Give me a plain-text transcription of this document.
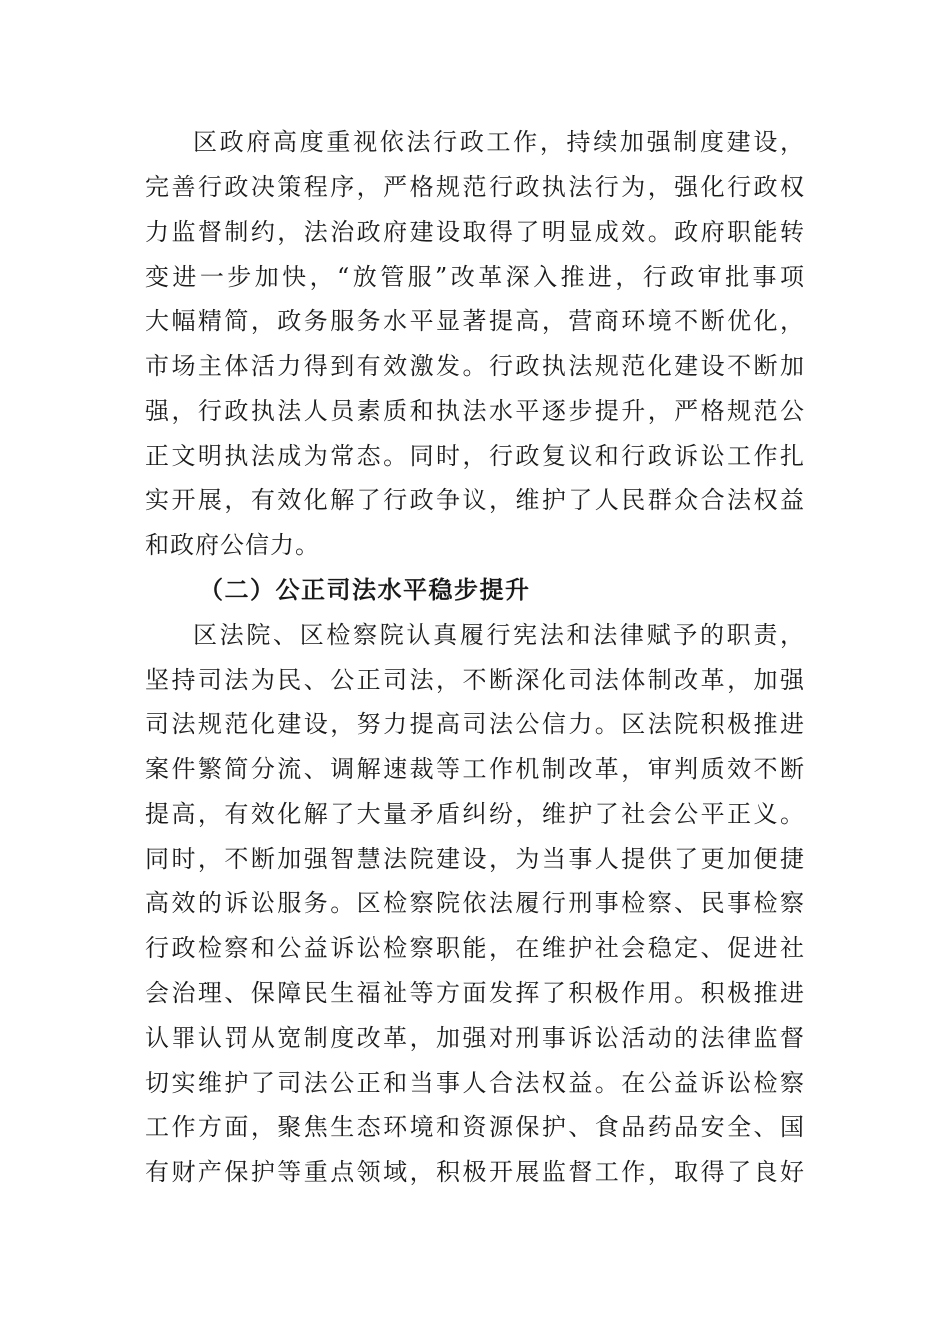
区政府高度重视依法行政工作，持续加强制度建设，
完善行政决策程序，严格规范行政执法行为，强化行政权
力监督制约，法治政府建设取得了明显成效。政府职能转
变进一步加快，“放管服”改革深入推进，行政审批事项
大幅精简，政务服务水平显著提高，营商环境不断优化，
市场主体活力得到有效激发。行政执法规范化建设不断加
强，行政执法人员素质和执法水平逐步提升，严格规范公
正文明执法成为常态。同时，行政复议和行政诉讼工作扎
实开展，有效化解了行政争议，维护了人民群众合法权益
和政府公信力。
（二）公正司法水平稳步提升
区法院、区检察院认真履行宪法和法律赋予的职责，
坚持司法为民、公正司法，不断深化司法体制改革，加强
司法规范化建设，努力提高司法公信力。区法院积极推进
案件繁简分流、调解速裁等工作机制改革，审判质效不断
提高，有效化解了大量矛盾纠纷，维护了社会公平正义。
同时，不断加强智慧法院建设，为当事人提供了更加便捷
高效的诉讼服务。区检察院依法履行刑事检察、民事检察
行政检察和公益诉讼检察职能，在维护社会稳定、促进社
会治理、保障民生福祉等方面发挥了积极作用。积极推进
认罪认罚从宽制度改革，加强对刑事诉讼活动的法律监督
切实维护了司法公正和当事人合法权益。在公益诉讼检察
工作方面，聚焦生态环境和资源保护、食品药品安全、国
有财产保护等重点领域，积极开展监督工作，取得了良好
